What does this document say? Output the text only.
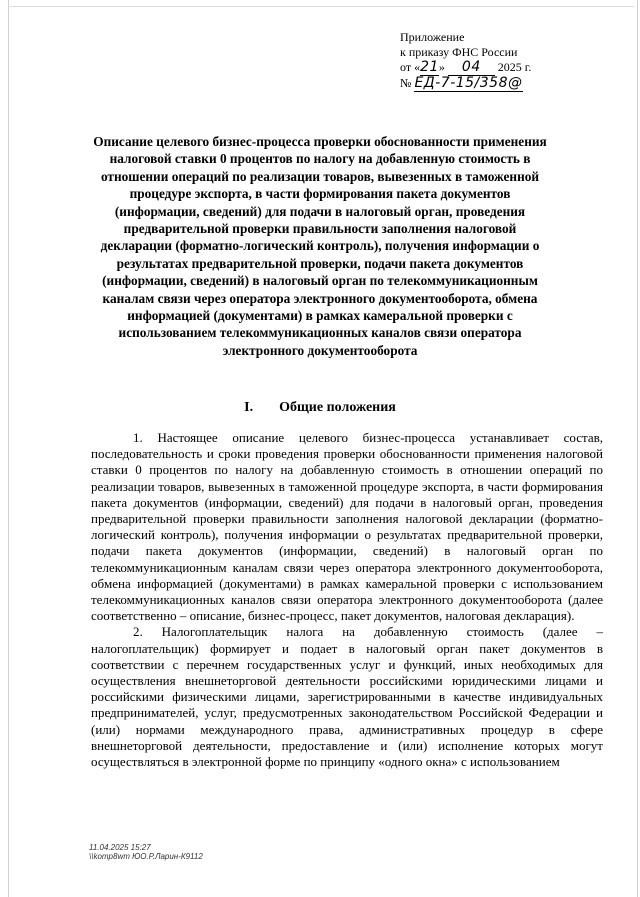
Приложение
к приказу ФНС России
от «21» 04 2025 г.
№ ЕД-7-15/358@
Описание целевого бизнес-процесса проверки обоснованности применения налоговой ставки 0 процентов по налогу на добавленную стоимость в отношении операций по реализации товаров, вывезенных в таможенной процедуре экспорта, в части формирования пакета документов (информации, сведений) для подачи в налоговый орган, проведения предварительной проверки правильности заполнения налоговой декларации (форматно-логический контроль), получения информации о результатах предварительной проверки, подачи пакета документов (информации, сведений) в налоговый орган по телекоммуникационным каналам связи через оператора электронного документооборота, обмена информацией (документами) в рамках камеральной проверки с использованием телекоммуникационных каналов связи оператора электронного документооборота
I. Общие положения

1. Настоящее описание целевого бизнес-процесса устанавливает состав, последовательность и сроки проведения проверки обоснованности применения налоговой ставки 0 процентов по налогу на добавленную стоимость в отношении операций по реализации товаров, вывезенных в таможенной процедуре экспорта, в части формирования пакета документов (информации, сведений) для подачи в налоговый орган, проведения предварительной проверки правильности заполнения налоговой декларации (форматно-логический контроль), получения информации о результатах предварительной проверки, подачи пакета документов (информации, сведений) в налоговый орган по телекоммуникационным каналам связи через оператора электронного документооборота, обмена информацией (документами) в рамках камеральной проверки с использованием телекоммуникационных каналов связи оператора электронного документооборота (далее соответственно – описание, бизнес-процесс, пакет документов, налоговая декларация).

2. Налогоплательщик налога на добавленную стоимость (далее – налогоплательщик) формирует и подает в налоговый орган пакет документов в соответствии с перечнем государственных услуг и функций, иных необходимых для осуществления внешнеторговой деятельности российскими юридическими лицами и российскими физическими лицами, зарегистрированными в качестве индивидуальных предпринимателей, услуг, предусмотренных законодательством Российской Федерации и (или) нормами международного права, административных процедур в сфере внешнеторговой деятельности, предоставление и (или) исполнение которых могут осуществляться в электронной форме по принципу «одного окна» с использованием

11.04.2025 15:27
\\komp8wm ЮО.Р.Ларин-К9112
